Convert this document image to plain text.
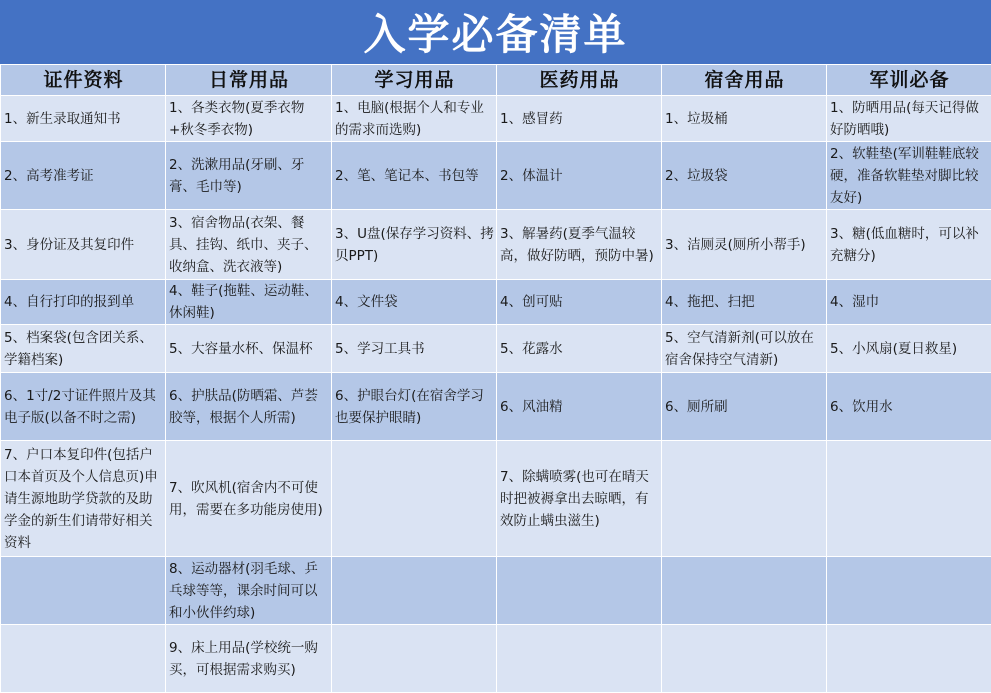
入学必备清单
证件资料	日常用品	学习用品	医药用品	宿舍用品	军训必备
1、新生录取通知书	1、各类衣物(夏季衣物+秋冬季衣物)	1、电脑(根据个人和专业的需求而选购)	1、感冒药	1、垃圾桶	1、防晒用品(每天记得做好防晒哦)
2、高考准考证	2、洗漱用品(牙刷、牙膏、毛巾等)	2、笔、笔记本、书包等	2、体温计	2、垃圾袋	2、软鞋垫(军训鞋鞋底较硬，准备软鞋垫对脚比较友好)
3、身份证及其复印件	3、宿舍物品(衣架、餐具、挂钩、纸巾、夹子、收纳盒、洗衣液等)	3、U盘(保存学习资料、拷贝PPT)	3、解暑药(夏季气温较高，做好防晒，预防中暑)	3、洁厕灵(厕所小帮手)	3、糖(低血糖时，可以补充糖分)
4、自行打印的报到单	4、鞋子(拖鞋、运动鞋、休闲鞋)	4、文件袋	4、创可贴	4、拖把、扫把	4、湿巾
5、档案袋(包含团关系、学籍档案)	5、大容量水杯、保温杯	5、学习工具书	5、花露水	5、空气清新剂(可以放在宿舍保持空气清新)	5、小风扇(夏日救星)
6、1寸/2寸证件照片及其电子版(以备不时之需)	6、护肤品(防晒霜、芦荟胶等，根据个人所需)	6、护眼台灯(在宿舍学习也要保护眼睛)	6、风油精	6、厕所刷	6、饮用水
7、户口本复印件(包括户口本首页及个人信息页)申请生源地助学贷款的及助学金的新生们请带好相关资料	7、吹风机(宿舍内不可使用，需要在多功能房使用)		7、除螨喷雾(也可在晴天时把被褥拿出去晾晒，有效防止螨虫滋生)		
	8、运动器材(羽毛球、乒乓球等等，课余时间可以和小伙伴约球)				
	9、床上用品(学校统一购买，可根据需求购买)				
